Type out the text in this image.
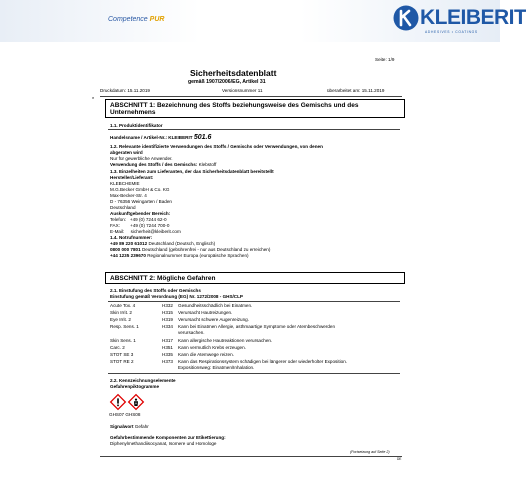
Competence PUR	KLEIBERIT
ADHESIVES • COATINGS
Seite: 1/9
Sicherheitsdatenblatt
gemäß 1907/2006/EG, Artikel 31
Druckdatum: 15.11.2019	Versionsnummer 11	überarbeitet am: 15.11.2019
*
ABSCHNITT 1: Bezeichnung des Stoffs beziehungsweise des Gemischs und des
Unternehmens
1.1. Produktidentifikator
Handelsname / Artikel-Nr.: KLEIBERIT 501.6
1.2. Relevante identifizierte Verwendungen des Stoffs / Gemischs oder Verwendungen, von denen
abgeraten wird
Nur für gewerbliche Anwender.
Verwendung des Stoffs / des Gemischs: Klebstoff
1.3. Einzelheiten zum Lieferanten, der das Sicherheitsdatenblatt bereitstellt
Hersteller/Lieferant:
KLEBCHEMIE
M.G.Becker GmbH & Co. KG
Max-Becker-Str. 4
D - 76356 Weingarten / Baden
Deutschland
Auskunftgebender Bereich:
Telefon:   +49 (0) 7244 62-0
FAX:        +49 (0) 7244 700-0
E-Mail:     sicherheit@kleiberit.com
1.4. Notrufnummer:
+49 89 220 61012 Deutschland (Deutsch, Englisch)
0800 000 7801 Deutschland (gebührenfrei - nur aus Deutschland zu erreichen)
+44 1235 239670 Regionalnummer Europa (europäische Sprachen)
ABSCHNITT 2: Mögliche Gefahren
2.1. Einstufung des Stoffs oder Gemischs
Einstufung gemäß Verordnung (EG) Nr. 1272/2008 - GHS/CLP
Acute Tox. 4	H332 Gesundheitsschädlich bei Einatmen.
Skin Irrit. 2	H315 Verursacht Hautreizungen.
Eye Irrit. 2	H319 Verursacht schwere Augenreizung.
Resp. Sens. 1	H334 Kann bei Einatmen Allergie, asthmaartige Symptome oder Atembeschwerden
verursachen.
Skin Sens. 1	H317 Kann allergische Hautreaktionen verursachen.
Carc. 2	H351 Kann vermutlich Krebs erzeugen.
STOT SE 3	H335 Kann die Atemwege reizen.
STOT RE 2	H373 Kann das Respirationssystem schädigen bei längerer oder wiederholter Exposition.
Expositionsweg: Einatmen/Inhalation.
2.2. Kennzeichnungselemente
Gefahrenpiktogramme
GHS07 GHS08
Signalwort Gefahr
Gefahrbestimmende Komponenten zur Etikettierung:
Diphenylmethandiisocyanat, Isomere und Homologe
(Fortsetzung auf Seite 2)
DE
